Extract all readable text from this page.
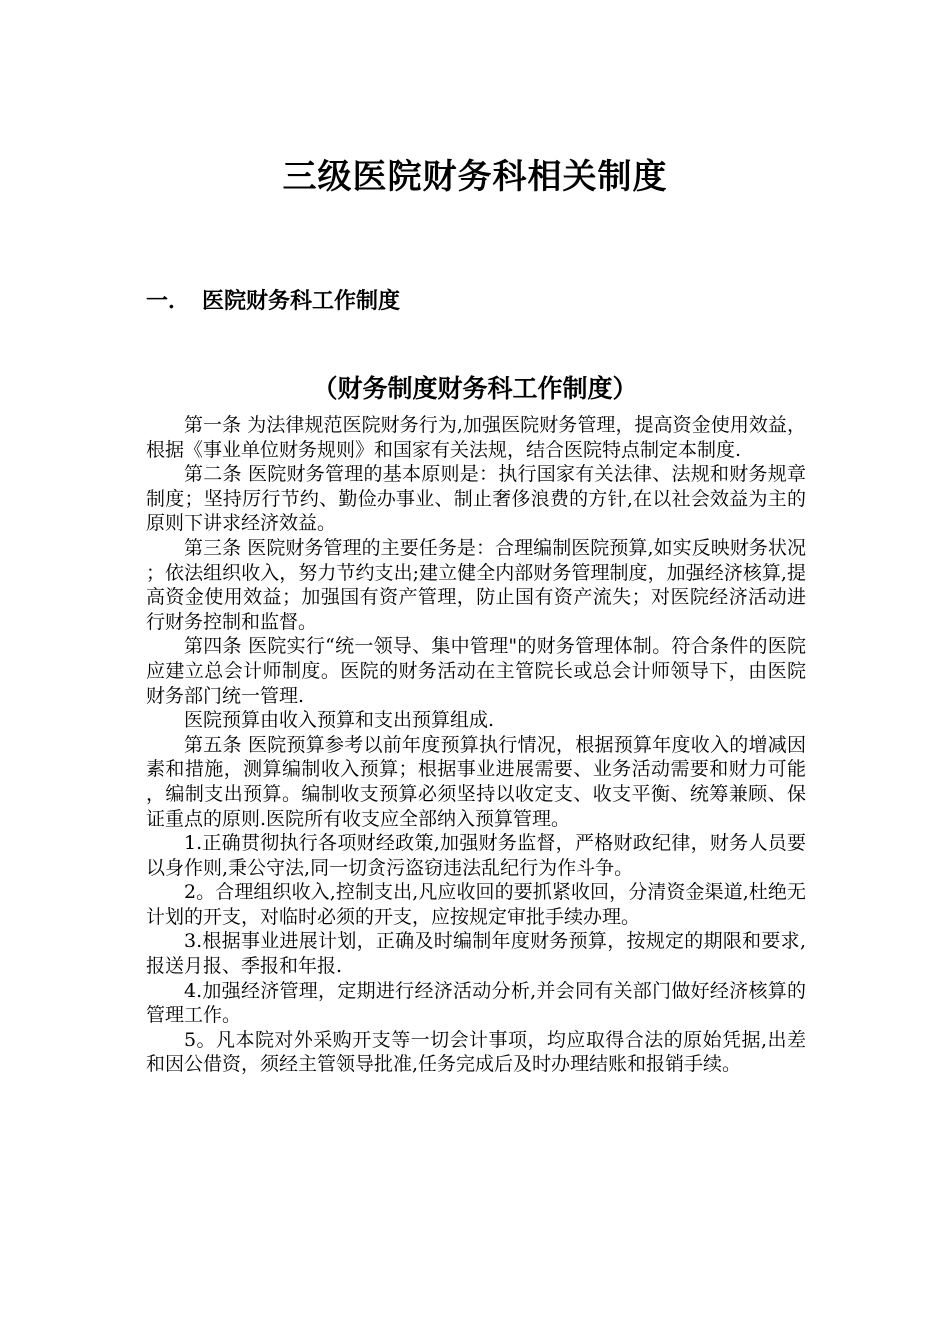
三级医院财务科相关制度
一． 医院财务科工作制度
（财务制度财务科工作制度）

第一条 为法律规范医院财务行为,加强医院财务管理，提高资金使用效益，根据《事业单位财务规则》和国家有关法规，结合医院特点制定本制度.

第二条 医院财务管理的基本原则是：执行国家有关法律、法规和财务规章制度；坚持厉行节约、勤俭办事业、制止奢侈浪费的方针,在以社会效益为主的原则下讲求经济效益。

第三条 医院财务管理的主要任务是：合理编制医院预算,如实反映财务状况；依法组织收入，努力节约支出;建立健全内部财务管理制度，加强经济核算,提高资金使用效益；加强国有资产管理，防止国有资产流失；对医院经济活动进行财务控制和监督。

第四条 医院实行“统一领导、集中管理"的财务管理体制。符合条件的医院应建立总会计师制度。医院的财务活动在主管院长或总会计师领导下，由医院财务部门统一管理.

医院预算由收入预算和支出预算组成.

第五条 医院预算参考以前年度预算执行情况，根据预算年度收入的增减因素和措施，测算编制收入预算；根据事业进展需要、业务活动需要和财力可能，编制支出预算。编制收支预算必须坚持以收定支、收支平衡、统筹兼顾、保证重点的原则.医院所有收支应全部纳入预算管理。

1.正确贯彻执行各项财经政策,加强财务监督，严格财政纪律，财务人员要以身作则,秉公守法,同一切贪污盗窃违法乱纪行为作斗争。

2。合理组织收入,控制支出,凡应收回的要抓紧收回，分清资金渠道,杜绝无计划的开支，对临时必须的开支，应按规定审批手续办理。

3.根据事业进展计划，正确及时编制年度财务预算，按规定的期限和要求,报送月报、季报和年报.

4.加强经济管理，定期进行经济活动分析,并会同有关部门做好经济核算的管理工作。

5。凡本院对外采购开支等一切会计事项，均应取得合法的原始凭据,出差和因公借资，须经主管领导批准,任务完成后及时办理结账和报销手续。
